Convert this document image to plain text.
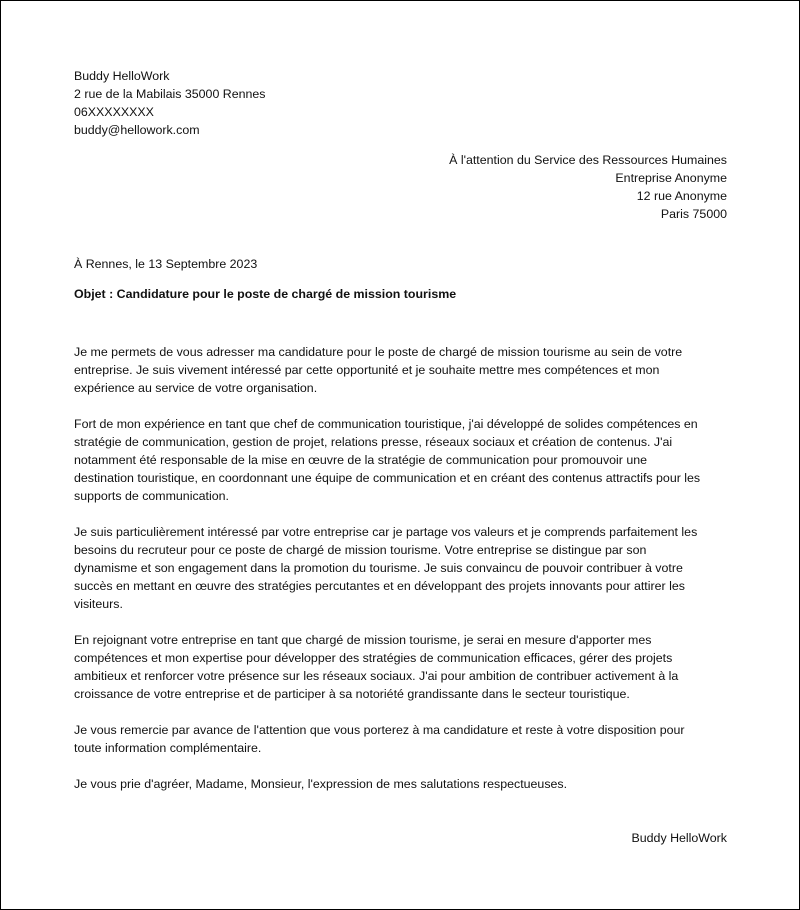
Buddy HelloWork
2 rue de la Mabilais 35000 Rennes
06XXXXXXXX
buddy@hellowork.com
À l'attention du Service des Ressources Humaines
Entreprise Anonyme
12 rue Anonyme
Paris 75000
À Rennes, le 13 Septembre 2023
Objet : Candidature pour le poste de chargé de mission tourisme
Je me permets de vous adresser ma candidature pour le poste de chargé de mission tourisme au sein de votre
entreprise. Je suis vivement intéressé par cette opportunité et je souhaite mettre mes compétences et mon
expérience au service de votre organisation.
Fort de mon expérience en tant que chef de communication touristique, j'ai développé de solides compétences en
stratégie de communication, gestion de projet, relations presse, réseaux sociaux et création de contenus. J'ai
notamment été responsable de la mise en œuvre de la stratégie de communication pour promouvoir une
destination touristique, en coordonnant une équipe de communication et en créant des contenus attractifs pour les
supports de communication.
Je suis particulièrement intéressé par votre entreprise car je partage vos valeurs et je comprends parfaitement les
besoins du recruteur pour ce poste de chargé de mission tourisme. Votre entreprise se distingue par son
dynamisme et son engagement dans la promotion du tourisme. Je suis convaincu de pouvoir contribuer à votre
succès en mettant en œuvre des stratégies percutantes et en développant des projets innovants pour attirer les
visiteurs.
En rejoignant votre entreprise en tant que chargé de mission tourisme, je serai en mesure d'apporter mes
compétences et mon expertise pour développer des stratégies de communication efficaces, gérer des projets
ambitieux et renforcer votre présence sur les réseaux sociaux. J'ai pour ambition de contribuer activement à la
croissance de votre entreprise et de participer à sa notoriété grandissante dans le secteur touristique.
Je vous remercie par avance de l'attention que vous porterez à ma candidature et reste à votre disposition pour
toute information complémentaire.
Je vous prie d'agréer, Madame, Monsieur, l'expression de mes salutations respectueuses.
Buddy HelloWork
